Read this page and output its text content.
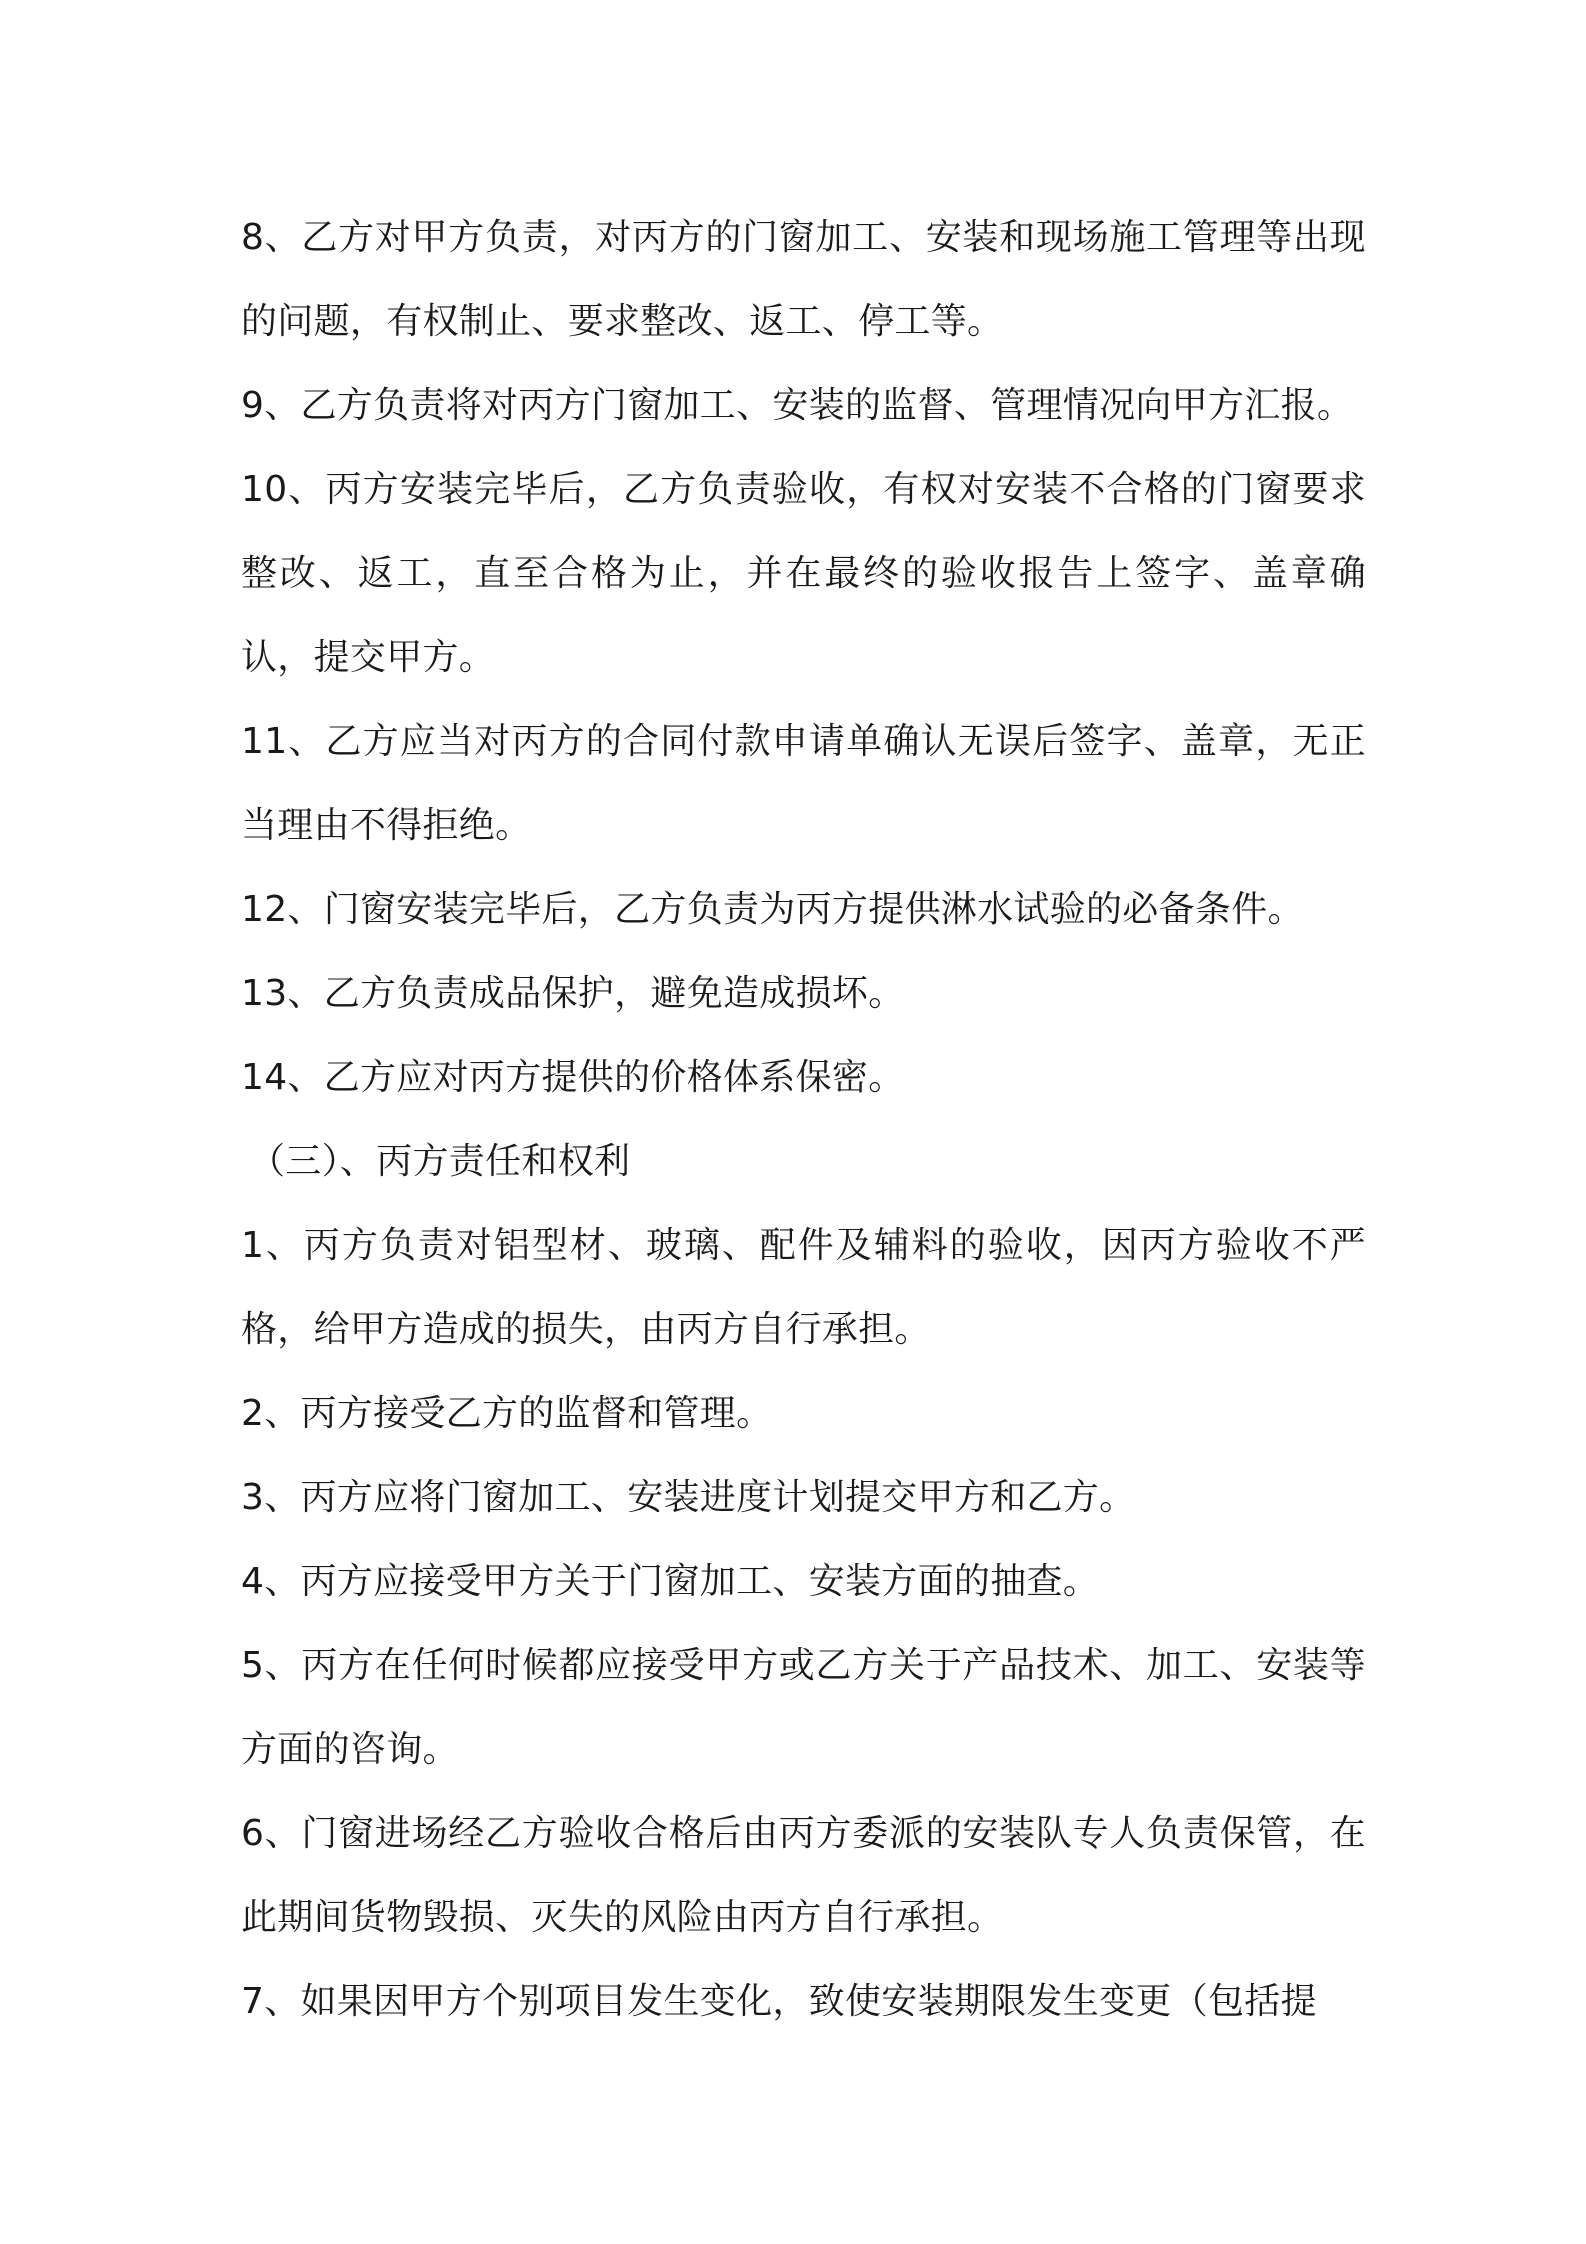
8、乙方对甲方负责，对丙方的门窗加工、安装和现场施工管理等出现的问题，有权制止、要求整改、返工、停工等。

9、乙方负责将对丙方门窗加工、安装的监督、管理情况向甲方汇报。

10、丙方安装完毕后，乙方负责验收，有权对安装不合格的门窗要求整改、返工，直至合格为止，并在最终的验收报告上签字、盖章确认，提交甲方。

11、乙方应当对丙方的合同付款申请单确认无误后签字、盖章，无正当理由不得拒绝。

12、门窗安装完毕后，乙方负责为丙方提供淋水试验的必备条件。

13、乙方负责成品保护，避免造成损坏。

14、乙方应对丙方提供的价格体系保密。

（三）、丙方责任和权利

1、丙方负责对铝型材、玻璃、配件及辅料的验收，因丙方验收不严格，给甲方造成的损失，由丙方自行承担。

2、丙方接受乙方的监督和管理。

3、丙方应将门窗加工、安装进度计划提交甲方和乙方。

4、丙方应接受甲方关于门窗加工、安装方面的抽查。

5、丙方在任何时候都应接受甲方或乙方关于产品技术、加工、安装等方面的咨询。

6、门窗进场经乙方验收合格后由丙方委派的安装队专人负责保管，在此期间货物毁损、灭失的风险由丙方自行承担。

7、如果因甲方个别项目发生变化，致使安装期限发生变更（包括提
